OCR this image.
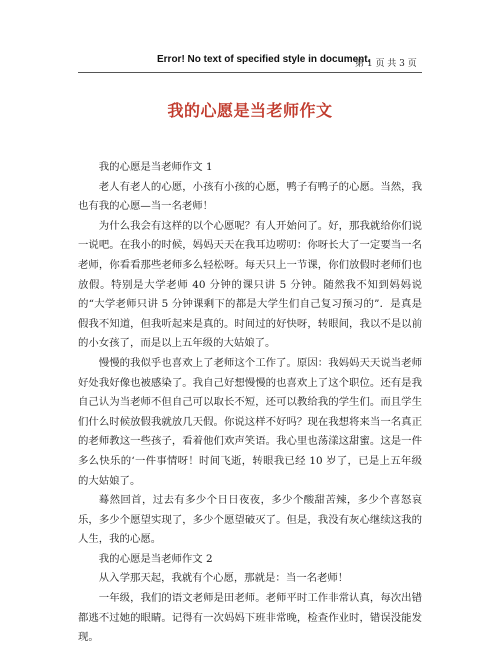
Error! No text of specified style in document.
第 1 页 共 3 页
我的心愿是当老师作文

我的心愿是当老师作文 1

老人有老人的心愿，小孩有小孩的心愿，鸭子有鸭子的心愿。当然，我也有我的心愿—当一名老师！

为什么我会有这样的以个心愿呢？有人开始问了。好，那我就给你们说一说吧。在我小的时候，妈妈天天在我耳边唠叨：你呀长大了一定要当一名老师，你看看那些老师多么轻松呀。每天只上一节课，你们放假时老师们也放假。特别是大学老师 40 分钟的课只讲 5 分钟。随然我不知到妈妈说的“大学老师只讲 5 分钟课剩下的都是大学生们自己复习预习的”．是真是假我不知道，但我听起来是真的。时间过的好快呀，转眼间，我以不是以前的小女孩了，而是以上五年级的大姑娘了。

慢慢的我似乎也喜欢上了老师这个工作了。原因：我妈妈天天说当老师好处我好像也被感染了。我自己好想慢慢的也喜欢上了这个职位。还有是我自己认为当老师不但自己可以取长不短，还可以教给我的学生们。而且学生们什么时候放假我就放几天假。你说这样不好吗？现在我想将来当一名真正的老师教这一些孩子，看着他们欢声笑语。我心里也荡漾这甜蜜。这是一件多么快乐的‘一件事情呀！时间飞逝，转眼我已经 10 岁了，已是上五年级的大姑娘了。

蓦然回首，过去有多少个日日夜夜，多少个酸甜苦辣，多少个喜怒哀乐，多少个愿望实现了，多少个愿望破灭了。但是，我没有灰心继续这我的人生，我的心愿。

我的心愿是当老师作文 2

从入学那天起，我就有个心愿，那就是：当一名老师！

一年级，我们的语文老师是田老师。老师平时工作非常认真，每次出错都逃不过她的眼睛。记得有一次妈妈下班非常晚，检查作业时，错误没能发现。
